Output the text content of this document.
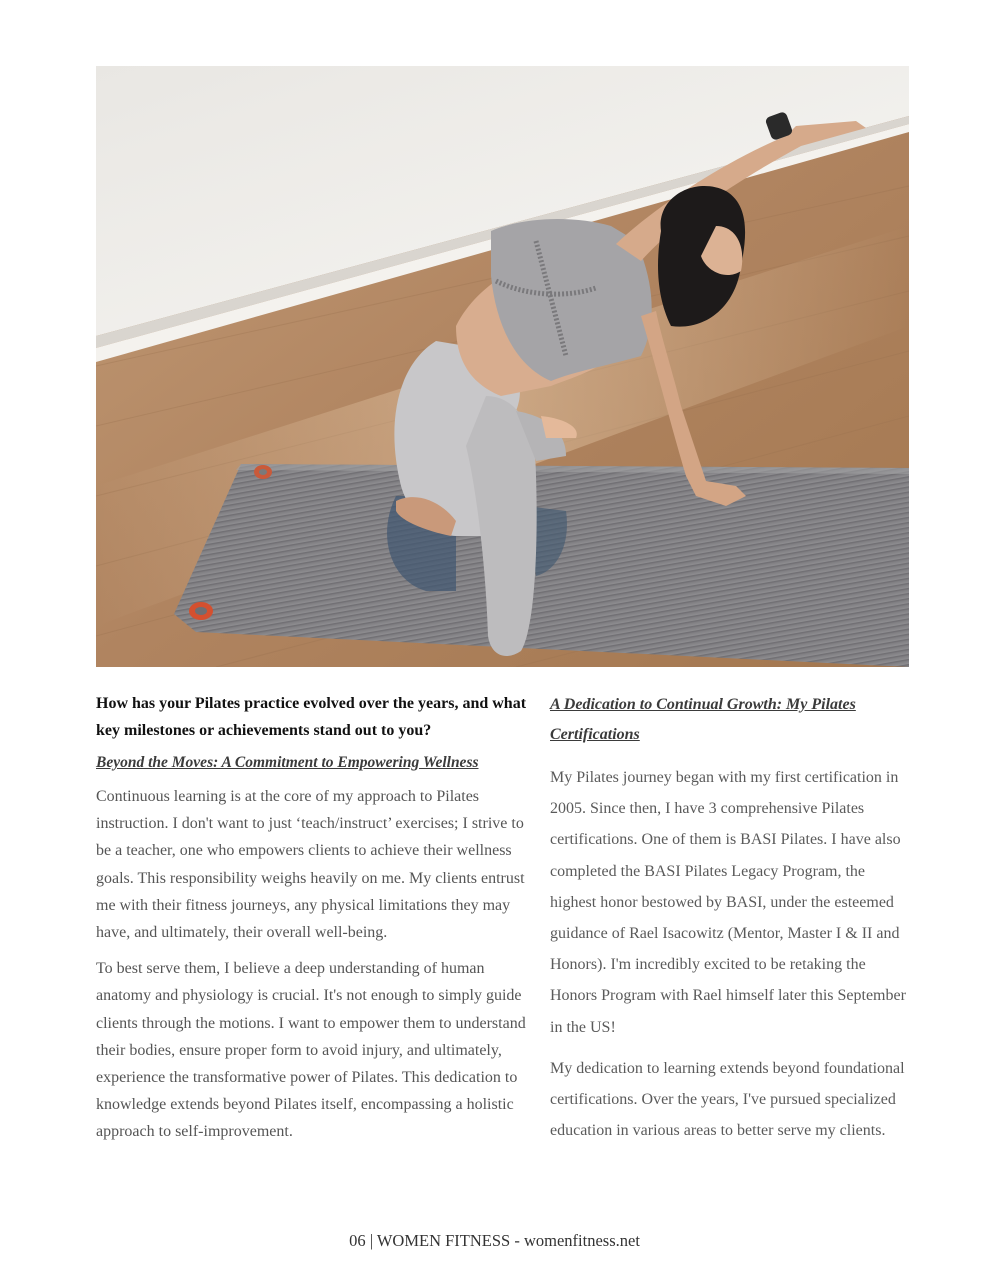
How has your Pilates practice evolved over the years, and what key milestones or achievements stand out to you?

Beyond the Moves: A Commitment to Empowering Wellness

Continuous learning is at the core of my approach to Pilates instruction. I don't want to just ‘teach/instruct’ exercises; I strive to be a teacher, one who empowers clients to achieve their wellness goals. This responsibility weighs heavily on me. My clients entrust me with their fitness journeys, any physical limitations they may have, and ultimately, their overall well-being.

To best serve them, I believe a deep understanding of human anatomy and physiology is crucial. It's not enough to simply guide clients through the motions. I want to empower them to understand their bodies, ensure proper form to avoid injury, and ultimately, experience the transformative power of Pilates. This dedication to knowledge extends beyond Pilates itself, encompassing a holistic approach to self-improvement.

A Dedication to Continual Growth: My Pilates Certifications

My Pilates journey began with my first certification in 2005. Since then, I have 3 comprehensive Pilates certifications. One of them is BASI Pilates. I have also completed the BASI Pilates Legacy Program, the highest honor bestowed by BASI, under the esteemed guidance of Rael Isacowitz (Mentor, Master I & II and Honors). I'm incredibly excited to be retaking the Honors Program with Rael himself later this September in the US!

My dedication to learning extends beyond foundational certifications. Over the years, I've pursued specialized education in various areas to better serve my clients.

06 | WOMEN FITNESS - womenfitness.net
